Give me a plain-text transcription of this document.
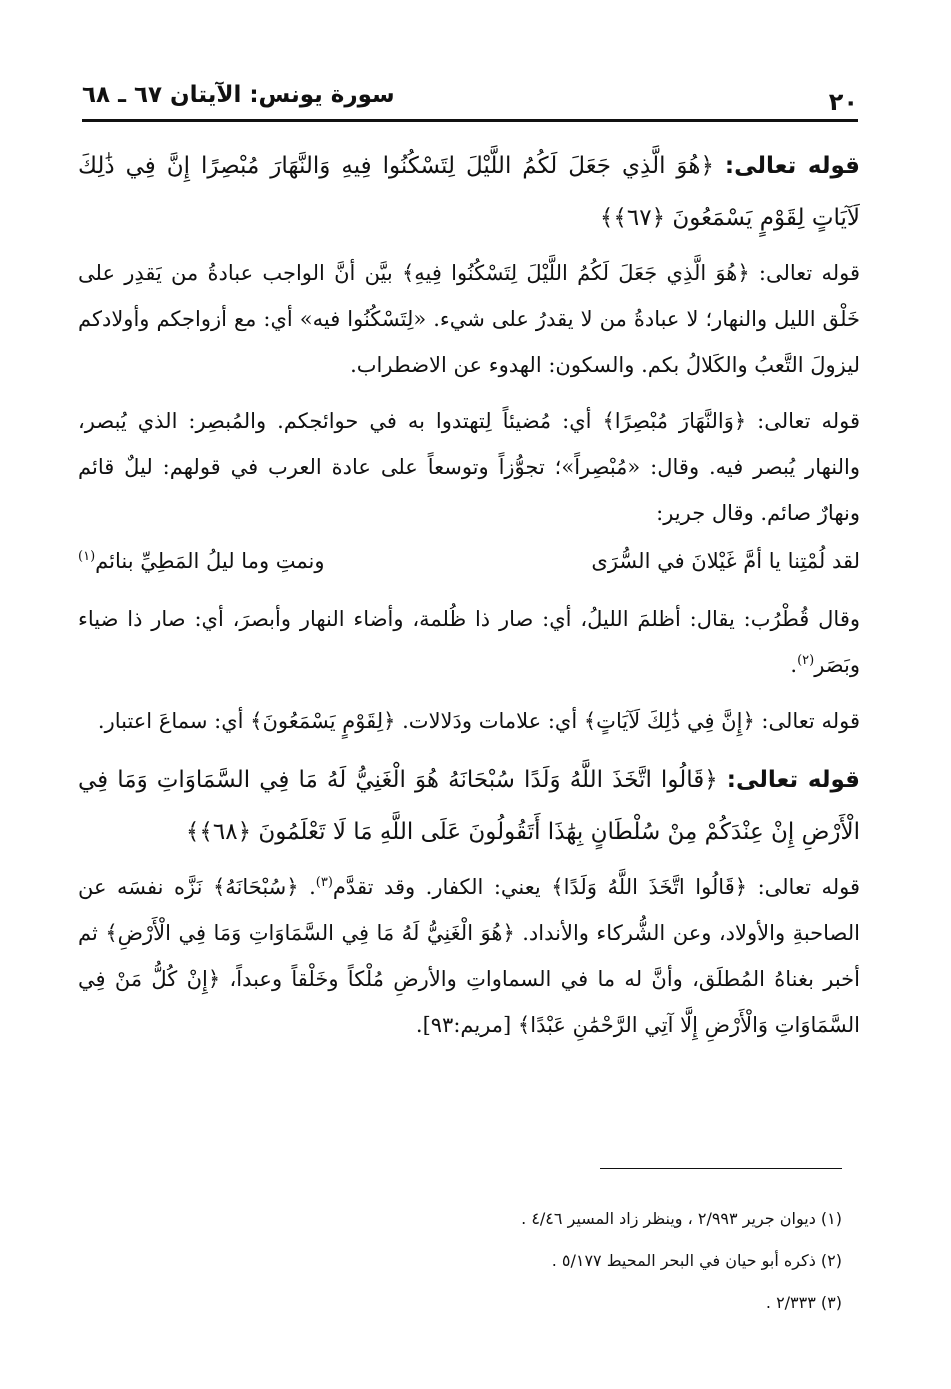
٢٠
سورة يونس: الآيتان ٦٧ ـ ٦٨

قوله تعالى: ﴿هُوَ الَّذِي جَعَلَ لَكُمُ اللَّيْلَ لِتَسْكُنُوا فِيهِ وَالنَّهَارَ مُبْصِرًا إِنَّ فِي ذَٰلِكَ لَآيَاتٍ لِقَوْمٍ يَسْمَعُونَ ﴿٦٧﴾﴾

قوله تعالى: ﴿هُوَ الَّذِي جَعَلَ لَكُمُ اللَّيْلَ لِتَسْكُنُوا فِيهِ﴾ بيَّن أنَّ الواجب عبادةُ من يَقدِر على خَلْق الليل والنهار؛ لا عبادةُ من لا يقدرُ على شيء. «لِتَسْكُنُوا فيه» أي: مع أزواجكم وأولادكم ليزولَ التَّعبُ والكَلالُ بكم. والسكون: الهدوء عن الاضطراب.

قوله تعالى: ﴿وَالنَّهَارَ مُبْصِرًا﴾ أي: مُضيئاً لِتهتدوا به في حوائجكم. والمُبصِر: الذي يُبصر، والنهار يُبصر فيه. وقال: «مُبْصِراً»؛ تجوُّزاً وتوسعاً على عادة العرب في قولهم: ليلٌ قائم ونهارٌ صائم. وقال جرير:

لقد لُمْتِنا يا أمَّ غَيْلانَ في السُّرَى
ونمتِ وما ليلُ المَطِيِّ بنائم$^{(١)}$

وقال قُطْرُب: يقال: أظلمَ الليلُ، أي: صار ذا ظُلمة، وأضاء النهار وأبصرَ، أي: صار ذا ضياء وبَصَر$^{(٢)}$.

قوله تعالى: ﴿إِنَّ فِي ذَٰلِكَ لَآيَاتٍ﴾ أي: علامات ودَلالات. ﴿لِقَوْمٍ يَسْمَعُونَ﴾ أي: سماعَ اعتبار.

قوله تعالى: ﴿قَالُوا اتَّخَذَ اللَّهُ وَلَدًا سُبْحَانَهُ هُوَ الْغَنِيُّ لَهُ مَا فِي السَّمَاوَاتِ وَمَا فِي الْأَرْضِ إِنْ عِنْدَكُمْ مِنْ سُلْطَانٍ بِهَٰذَا أَتَقُولُونَ عَلَى اللَّهِ مَا لَا تَعْلَمُونَ ﴿٦٨﴾﴾

قوله تعالى: ﴿قَالُوا اتَّخَذَ اللَّهُ وَلَدًا﴾ يعني: الكفار. وقد تقدَّم$^{(٣)}$. ﴿سُبْحَانَهُ﴾ نَزَّه نفسَه عن الصاحبةِ والأولاد، وعن الشُّركاء والأنداد. ﴿هُوَ الْغَنِيُّ لَهُ مَا فِي السَّمَاوَاتِ وَمَا فِي الْأَرْضِ﴾ ثم أخبر بغناهُ المُطلَق، وأنَّ له ما في السماواتِ والأرضِ مُلْكاً وخَلْقاً وعبداً، ﴿إِنْ كُلُّ مَنْ فِي السَّمَاوَاتِ وَالْأَرْضِ إِلَّا آتِي الرَّحْمَٰنِ عَبْدًا﴾ [مريم:٩٣].

(١) ديوان جرير ٢/٩٩٣ ، وينظر زاد المسير ٤/٤٦ .
(٢) ذكره أبو حيان في البحر المحيط ٥/١٧٧ .
(٣) ٢/٣٣٣ .
